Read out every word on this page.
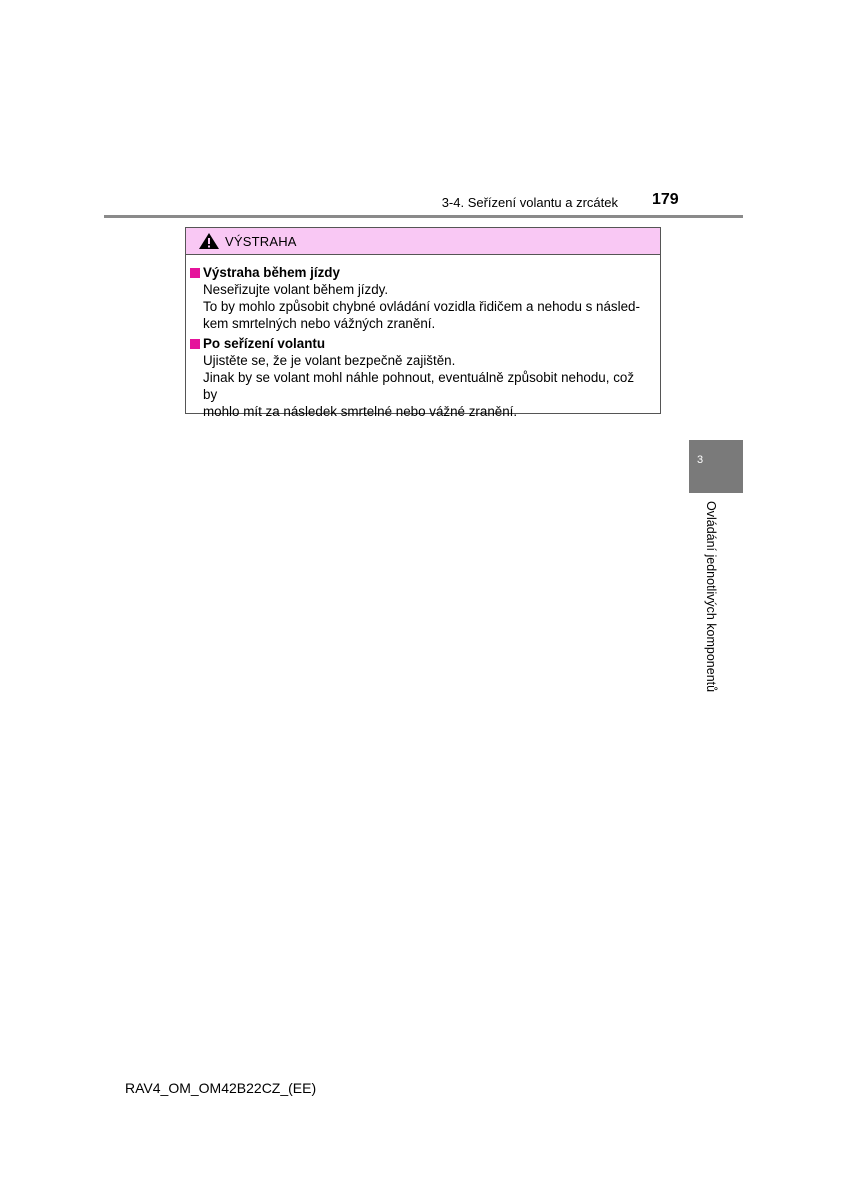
3-4. Seřízení volantu a zrcátek 179
VÝSTRAHA
Výstraha během jízdy
Neseřizujte volant během jízdy.
To by mohlo způsobit chybné ovládání vozidla řidičem a nehodu s násled-
kem smrtelných nebo vážných zranění.
Po seřízení volantu
Ujistěte se, že je volant bezpečně zajištěn.
Jinak by se volant mohl náhle pohnout, eventuálně způsobit nehodu, což by
mohlo mít za následek smrtelné nebo vážné zranění.
3
Ovládání jednotlivých komponentů
RAV4_OM_OM42B22CZ_(EE)
